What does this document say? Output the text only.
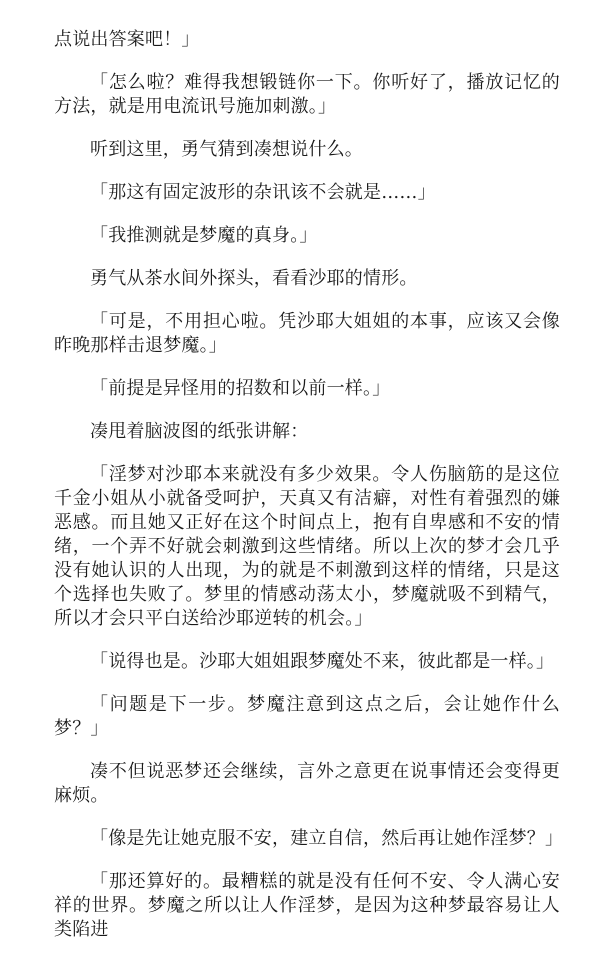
点说出答案吧！」

「怎么啦？难得我想锻链你一下。你听好了，播放记忆的方法，就是用电流讯号施加刺激。」

听到这里，勇气猜到凑想说什么。

「那这有固定波形的杂讯该不会就是……」

「我推测就是梦魔的真身。」

勇气从茶水间外探头，看看沙耶的情形。

「可是，不用担心啦。凭沙耶大姐姐的本事，应该又会像昨晚那样击退梦魔。」

「前提是异怪用的招数和以前一样。」

凑甩着脑波图的纸张讲解：

「淫梦对沙耶本来就没有多少效果。令人伤脑筋的是这位千金小姐从小就备受呵护，天真又有洁癖，对性有着强烈的嫌恶感。而且她又正好在这个时间点上，抱有自卑感和不安的情绪，一个弄不好就会刺激到这些情绪。所以上次的梦才会几乎没有她认识的人出现，为的就是不刺激到这样的情绪，只是这个选择也失败了。梦里的情感动荡太小，梦魔就吸不到精气，所以才会只平白送给沙耶逆转的机会。」

「说得也是。沙耶大姐姐跟梦魔处不来，彼此都是一样。」

「问题是下一步。梦魔注意到这点之后，会让她作什么梦？」

凑不但说恶梦还会继续，言外之意更在说事情还会变得更麻烦。

「像是先让她克服不安，建立自信，然后再让她作淫梦？」

「那还算好的。最糟糕的就是没有任何不安、令人满心安祥的世界。梦魔之所以让人作淫梦，是因为这种梦最容易让人类陷进
